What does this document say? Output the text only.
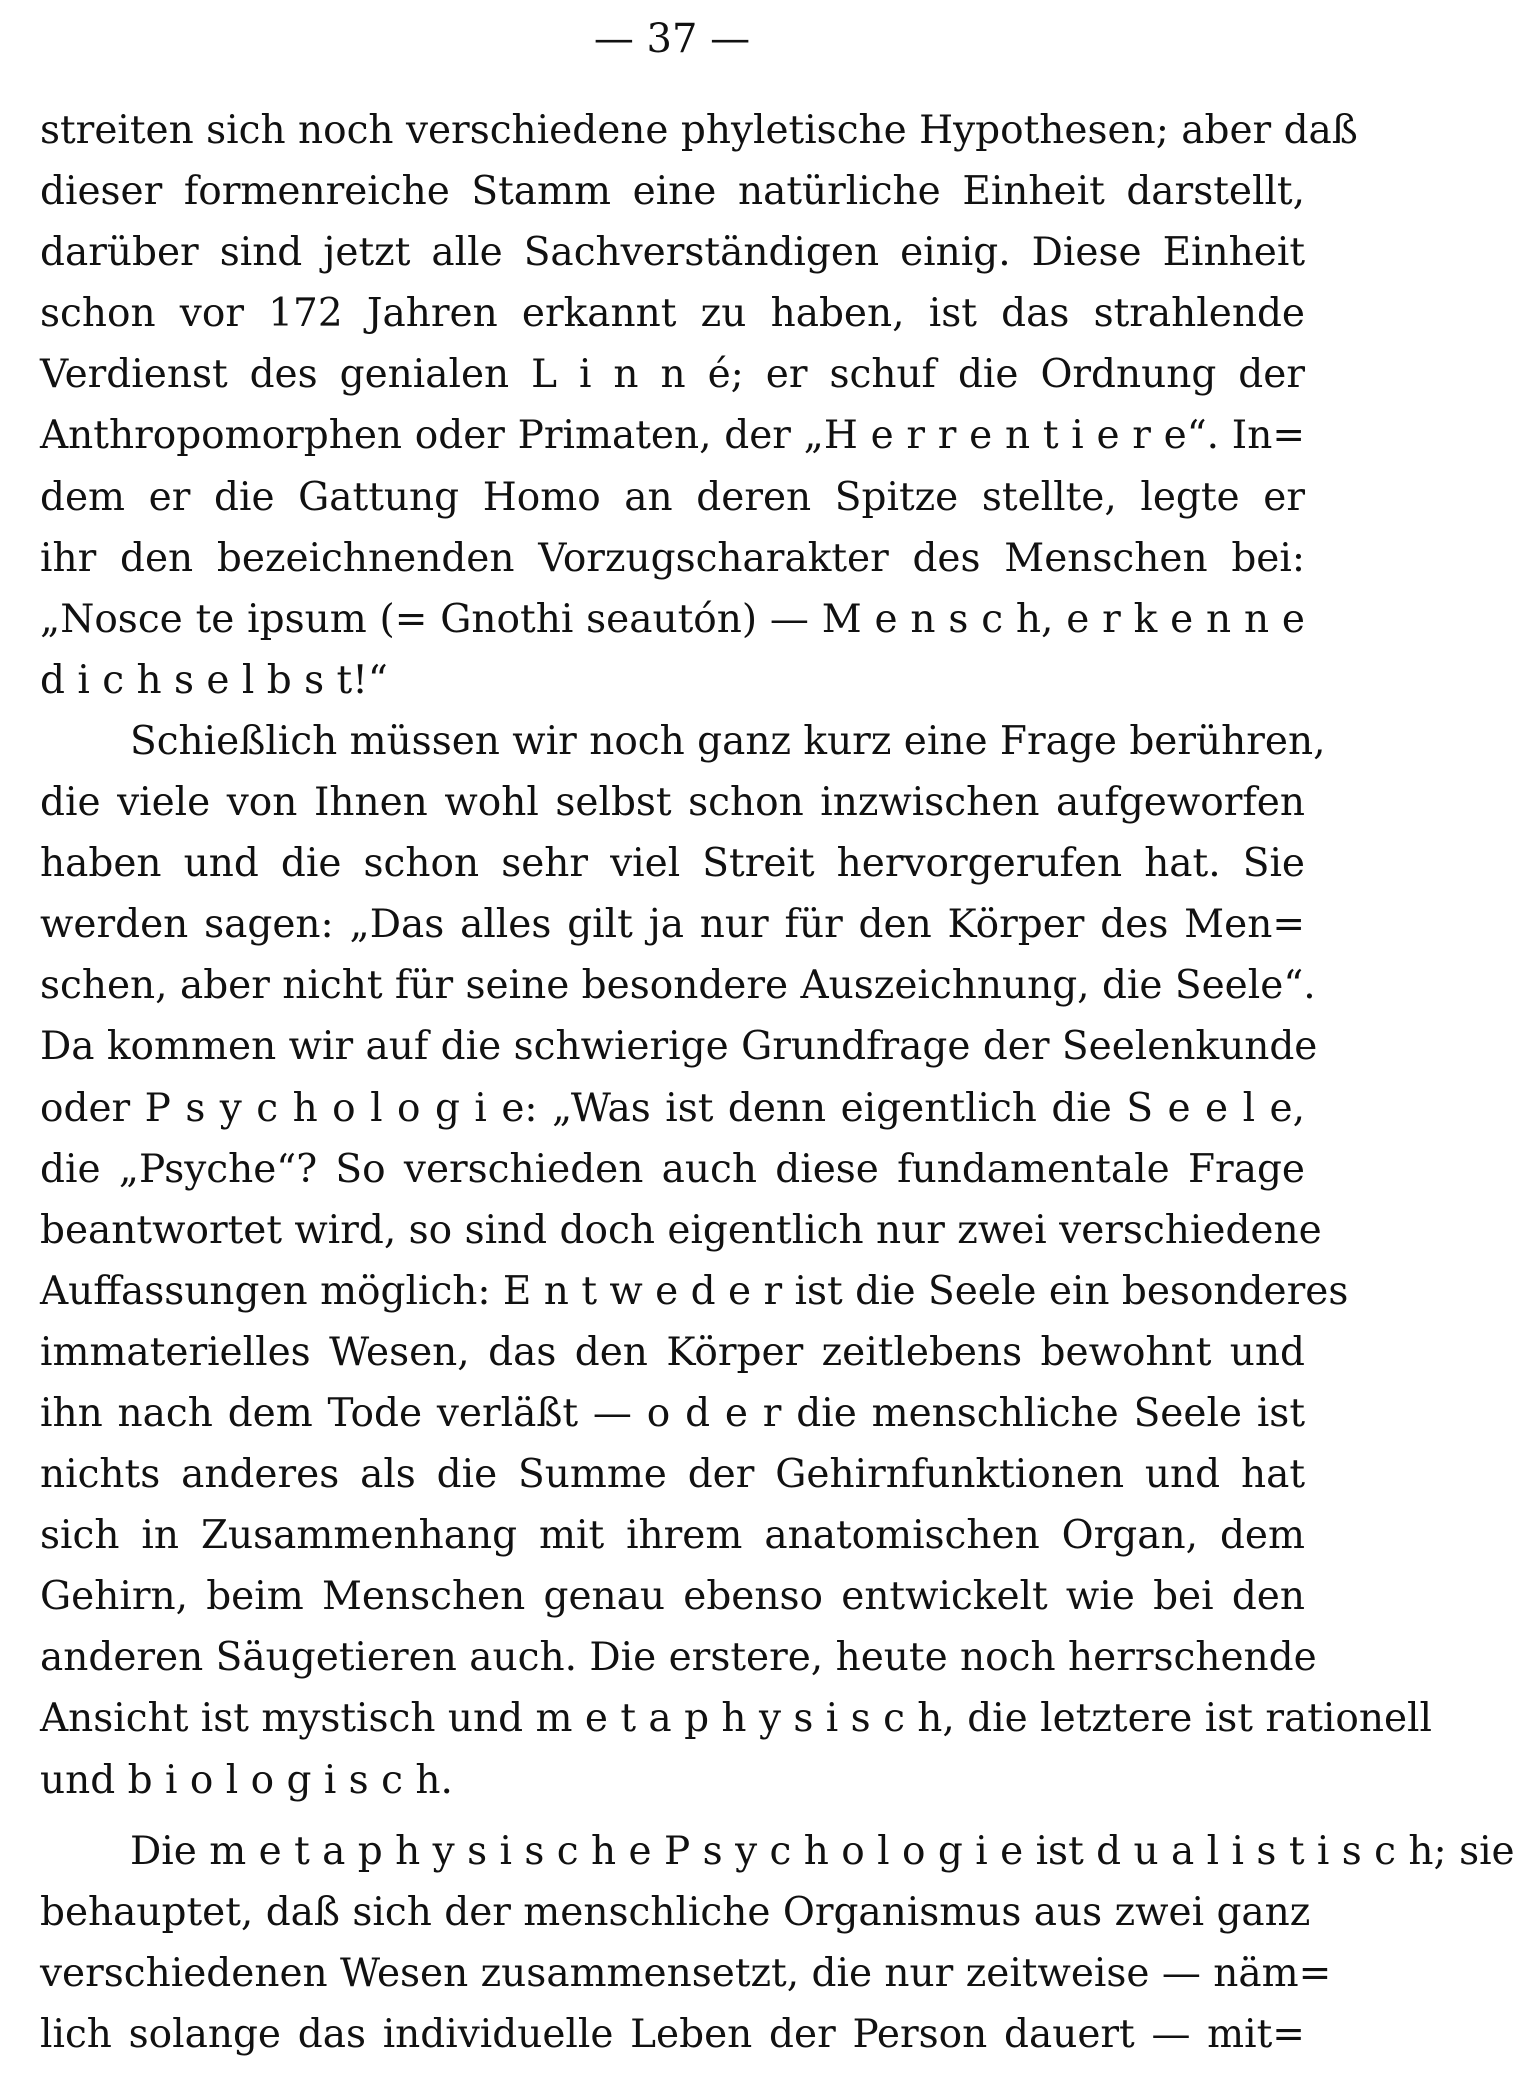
— 37 —
streiten sich noch verschiedene phyletische Hypothesen; aber daß
dieser formenreiche Stamm eine natürliche Einheit darstellt,
darüber sind jetzt alle Sachverständigen einig. Diese Einheit
schon vor 172 Jahren erkannt zu haben, ist das strahlende
Verdienst des genialen L i n n é; er schuf die Ordnung der
Anthropomorphen oder Primaten, der „H e r r e n t i e r e“. In=
dem er die Gattung Homo an deren Spitze stellte, legte er
ihr den bezeichnenden Vorzugscharakter des Menschen bei:
„Nosce te ipsum (= Gnothi seautón) — M e n s c h, e r k e n n e
d i c h s e l b s t!“
Schießlich müssen wir noch ganz kurz eine Frage berühren,
die viele von Ihnen wohl selbst schon inzwischen aufgeworfen
haben und die schon sehr viel Streit hervorgerufen hat. Sie
werden sagen: „Das alles gilt ja nur für den Körper des Men=
schen, aber nicht für seine besondere Auszeichnung, die Seele“.
Da kommen wir auf die schwierige Grundfrage der Seelenkunde
oder P s y c h o l o g i e: „Was ist denn eigentlich die S e e l e,
die „Psyche“? So verschieden auch diese fundamentale Frage
beantwortet wird, so sind doch eigentlich nur zwei verschiedene
Auffassungen möglich: E n t w e d e r ist die Seele ein besonderes
immaterielles Wesen, das den Körper zeitlebens bewohnt und
ihn nach dem Tode verläßt — o d e r die menschliche Seele ist
nichts anderes als die Summe der Gehirnfunktionen und hat
sich in Zusammenhang mit ihrem anatomischen Organ, dem
Gehirn, beim Menschen genau ebenso entwickelt wie bei den
anderen Säugetieren auch. Die erstere, heute noch herrschende
Ansicht ist mystisch und m e t a p h y s i s c h, die letztere ist rationell
und b i o l o g i s c h.
Die m e t a p h y s i s c h e P s y c h o l o g i e ist d u a l i s t i s c h; sie
behauptet, daß sich der menschliche Organismus aus zwei ganz
verschiedenen Wesen zusammensetzt, die nur zeitweise — näm=
lich solange das individuelle Leben der Person dauert — mit=
